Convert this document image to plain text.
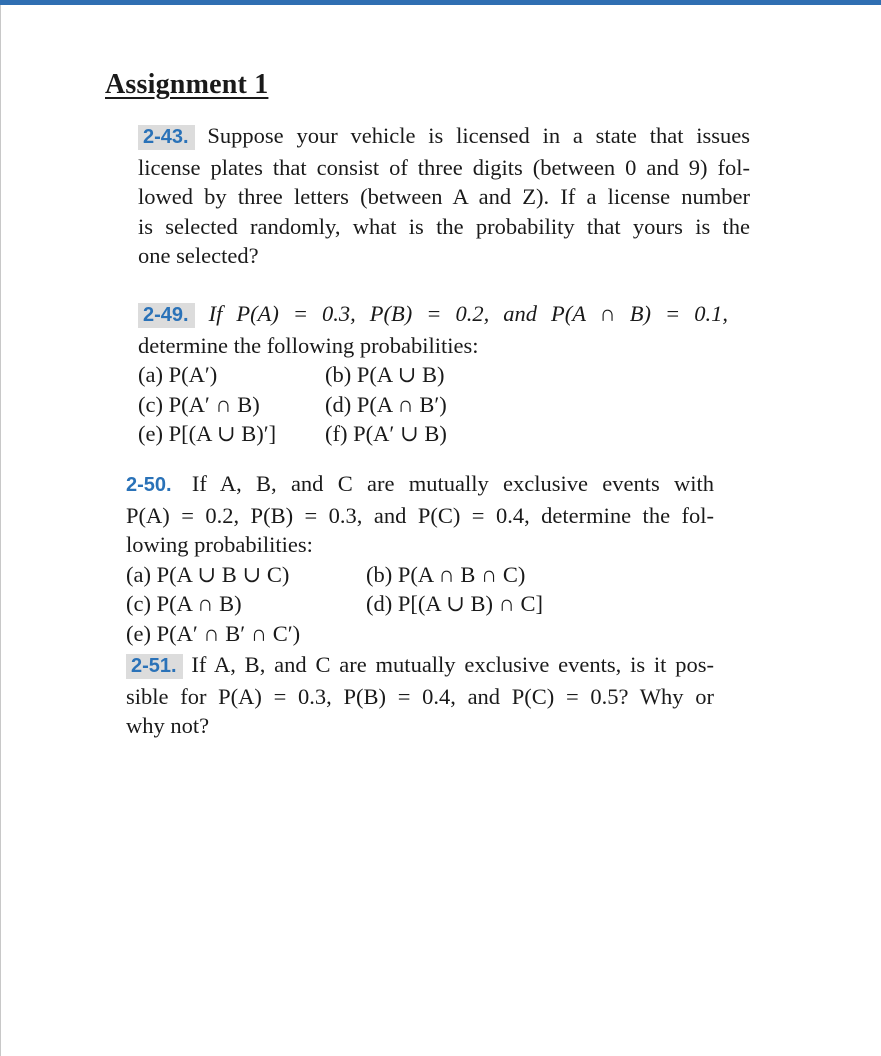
Assignment 1
2-43. Suppose your vehicle is licensed in a state that issues
license plates that consist of three digits (between 0 and 9) fol-
lowed by three letters (between A and Z). If a license number
is selected randomly, what is the probability that yours is the
one selected?
2-49. If P(A) = 0.3, P(B) = 0.2, and P(A ∩ B) = 0.1,
determine the following probabilities:
(a) P(A′)	(b) P(A ∪ B)
(c) P(A′ ∩ B)	(d) P(A ∩ B′)
(e) P[(A ∪ B)′] (f) P(A′ ∪ B)
2-50. If A, B, and C are mutually exclusive events with
P(A) = 0.2, P(B) = 0.3, and P(C) = 0.4, determine the fol-
lowing probabilities:
(a) P(A ∪ B ∪ C)	(b) P(A ∩ B ∩ C)
(c) P(A ∩ B)	(d) P[(A ∪ B) ∩ C]
(e) P(A′ ∩ B′ ∩ C′)
2-51. If A, B, and C are mutually exclusive events, is it pos-
sible for P(A) = 0.3, P(B) = 0.4, and P(C) = 0.5? Why or
why not?
